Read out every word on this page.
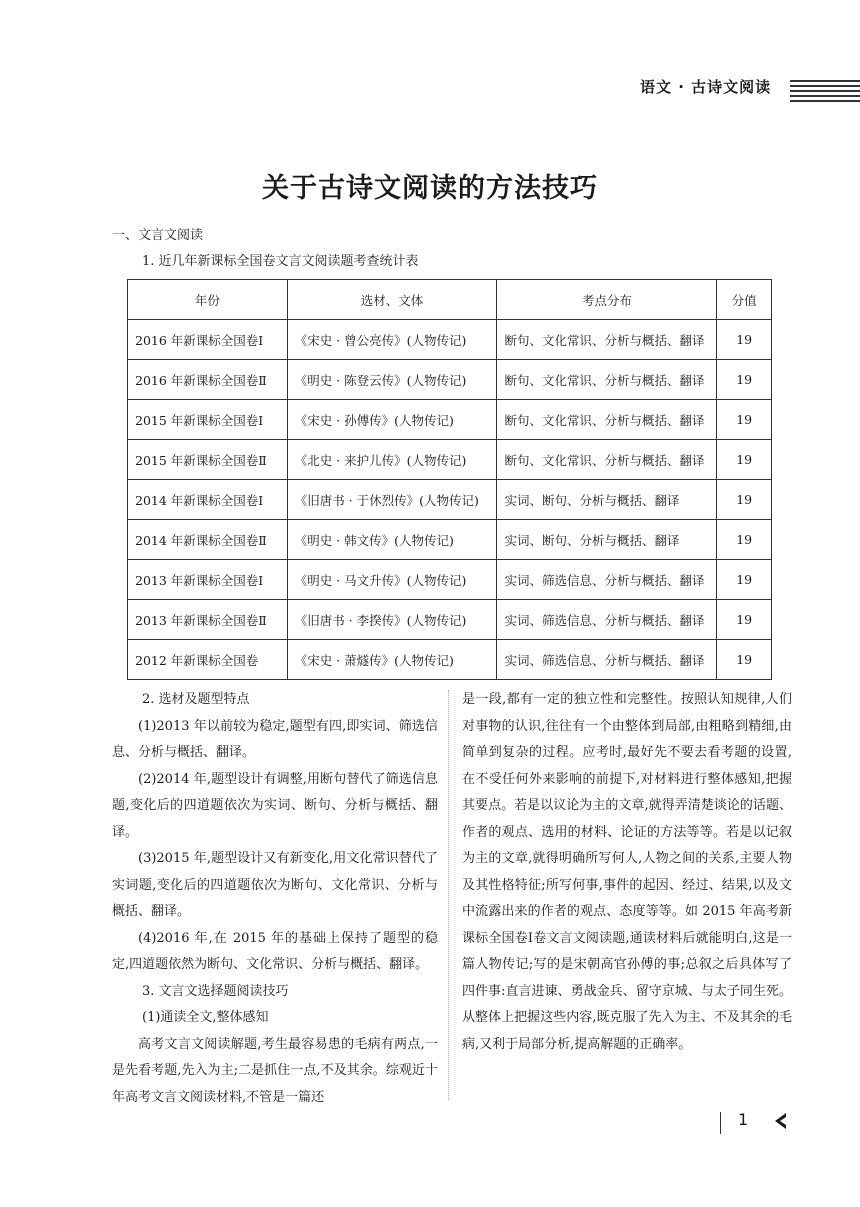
语文 · 古诗文阅读
关于古诗文阅读的方法技巧
一、文言文阅读
1. 近几年新课标全国卷文言文阅读题考查统计表
年份	选材、文体	考点分布	分值
2016 年新课标全国卷Ⅰ	《宋史 · 曾公亮传》(人物传记)	断句、文化常识、分析与概括、翻译	19
2016 年新课标全国卷Ⅱ	《明史 · 陈登云传》(人物传记)	断句、文化常识、分析与概括、翻译	19
2015 年新课标全国卷Ⅰ	《宋史 · 孙傅传》(人物传记)	断句、文化常识、分析与概括、翻译	19
2015 年新课标全国卷Ⅱ	《北史 · 来护儿传》(人物传记)	断句、文化常识、分析与概括、翻译	19
2014 年新课标全国卷Ⅰ	《旧唐书 · 于休烈传》(人物传记)	实词、断句、分析与概括、翻译	19
2014 年新课标全国卷Ⅱ	《明史 · 韩文传》(人物传记)	实词、断句、分析与概括、翻译	19
2013 年新课标全国卷Ⅰ	《明史 · 马文升传》(人物传记)	实词、筛选信息、分析与概括、翻译	19
2013 年新课标全国卷Ⅱ	《旧唐书 · 李揆传》(人物传记)	实词、筛选信息、分析与概括、翻译	19
2012 年新课标全国卷	《宋史 · 萧燧传》(人物传记)	实词、筛选信息、分析与概括、翻译	19

2. 选材及题型特点

(1)2013 年以前较为稳定,题型有四,即实词、筛选信息、分析与概括、翻译。

(2)2014 年,题型设计有调整,用断句替代了筛选信息题,变化后的四道题依次为实词、断句、分析与概括、翻译。

(3)2015 年,题型设计又有新变化,用文化常识替代了实词题,变化后的四道题依次为断句、文化常识、分析与概括、翻译。

(4)2016 年,在 2015 年的基础上保持了题型的稳定,四道题依然为断句、文化常识、分析与概括、翻译。

3. 文言文选择题阅读技巧

(1)通读全文,整体感知

高考文言文阅读解题,考生最容易患的毛病有两点,一是先看考题,先入为主;二是抓住一点,不及其余。综观近十年高考文言文阅读材料,不管是一篇还

是一段,都有一定的独立性和完整性。按照认知规律,人们对事物的认识,往往有一个由整体到局部,由粗略到精细,由简单到复杂的过程。应考时,最好先不要去看考题的设置,在不受任何外来影响的前提下,对材料进行整体感知,把握其要点。若是以议论为主的文章,就得弄清楚谈论的话题、作者的观点、选用的材料、论证的方法等等。若是以记叙为主的文章,就得明确所写何人,人物之间的关系,主要人物及其性格特征;所写何事,事件的起因、经过、结果,以及文中流露出来的作者的观点、态度等等。如 2015 年高考新课标全国卷Ⅰ卷文言文阅读题,通读材料后就能明白,这是一篇人物传记;写的是宋朝高官孙傅的事;总叙之后具体写了四件事:直言进谏、勇战金兵、留守京城、与太子同生死。从整体上把握这些内容,既克服了先入为主、不及其余的毛病,又利于局部分析,提高解题的正确率。

1
